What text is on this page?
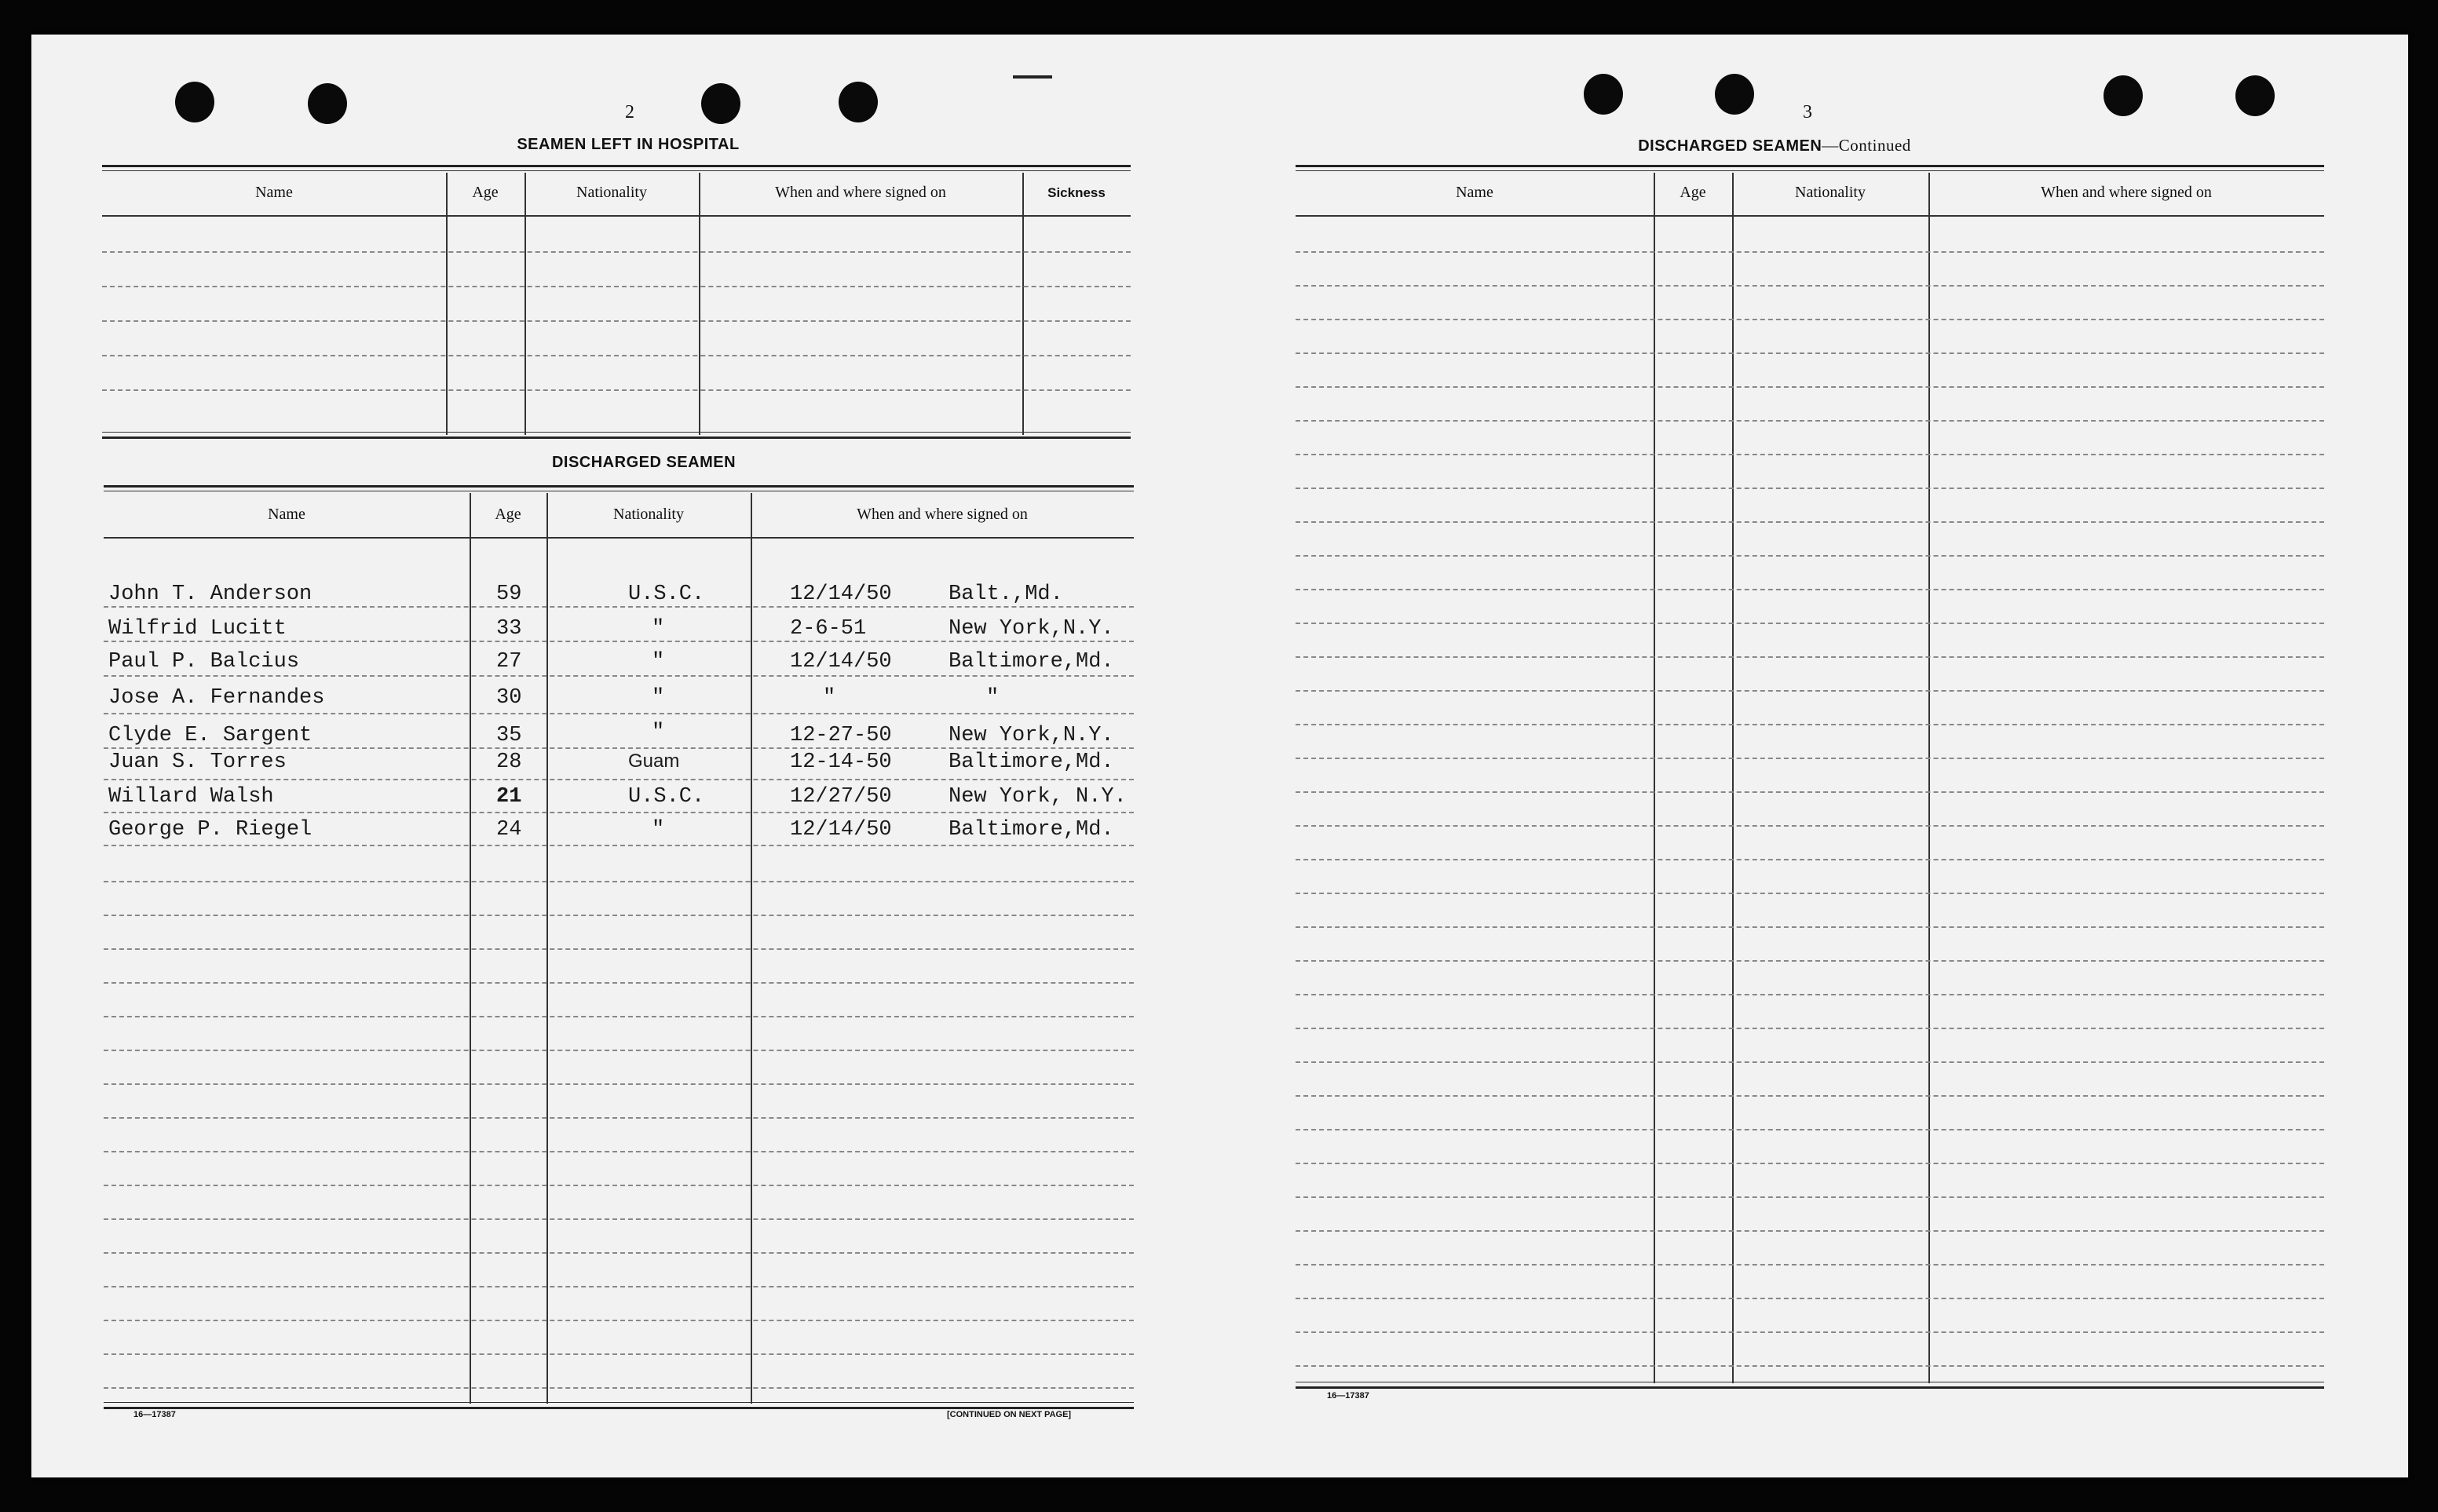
2
SEAMEN LEFT IN HOSPITAL
Name	Age	Nationality	When and where signed on	Sickness
DISCHARGED SEAMEN
Name	Age	Nationality	When and where signed on
John T. Anderson	59	U.S.C.	12/14/50	Balt.,Md.
Wilfrid Lucitt	33	"	2-6-51	New York,N.Y.
Paul P. Balcius	27	"	12/14/50	Baltimore,Md.
Jose A. Fernandes	30	"	"	"
Clyde E. Sargent	35	"	12-27-50	New York,N.Y.
Juan S. Torres	28	Guam	12-14-50	Baltimore,Md.
Willard Walsh	21	U.S.C.	12/27/50	New York, N.Y.
George P. Riegel	24	"	12/14/50	Baltimore,Md.
16—17387	[CONTINUED ON NEXT PAGE]
3
DISCHARGED SEAMEN—Continued
Name	Age	Nationality	When and where signed on
16—17387
